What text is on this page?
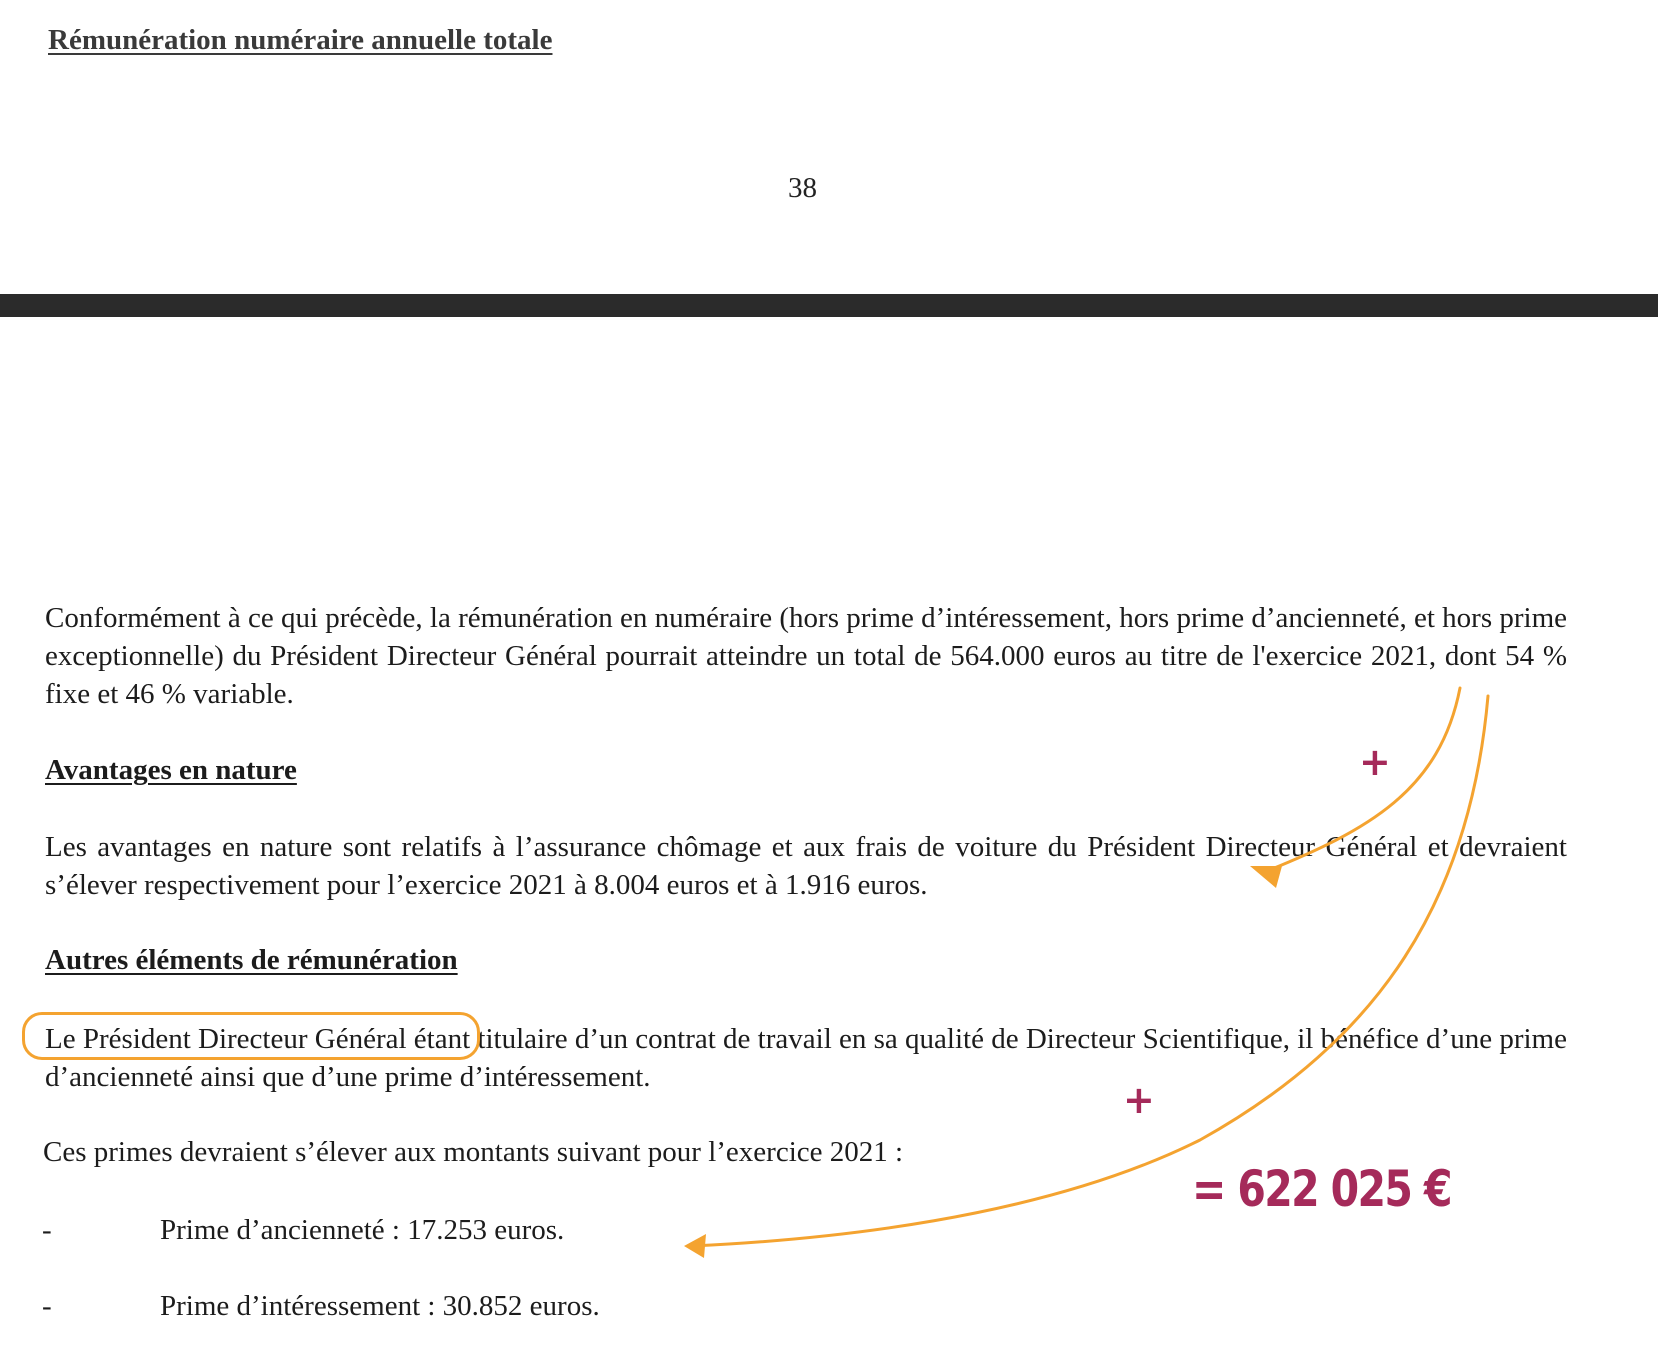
Rémunération numéraire annuelle totale
38
Conformément à ce qui précède, la rémunération en numéraire (hors prime d’intéressement, hors prime d’ancienneté, et hors prime exceptionnelle) du Président Directeur Général pourrait atteindre un total de 564.000 euros au titre de l'exercice 2021, dont 54 % fixe et 46 % variable.
Avantages en nature
Les avantages en nature sont relatifs à l’assurance chômage et aux frais de voiture du Président Directeur Général et devraient s’élever respectivement pour l’exercice 2021 à 8.004 euros et à 1.916 euros.
Autres éléments de rémunération
Le Président Directeur Général étant titulaire d’un contrat de travail en sa qualité de Directeur Scientifique, il bénéfice d’une prime d’ancienneté ainsi que d’une prime d’intéressement.
Ces primes devraient s’élever aux montants suivant pour l’exercice 2021 :
-	Prime d’ancienneté : 17.253 euros.
-	Prime d’intéressement : 30.852 euros.
+
+
= 622 025 €
